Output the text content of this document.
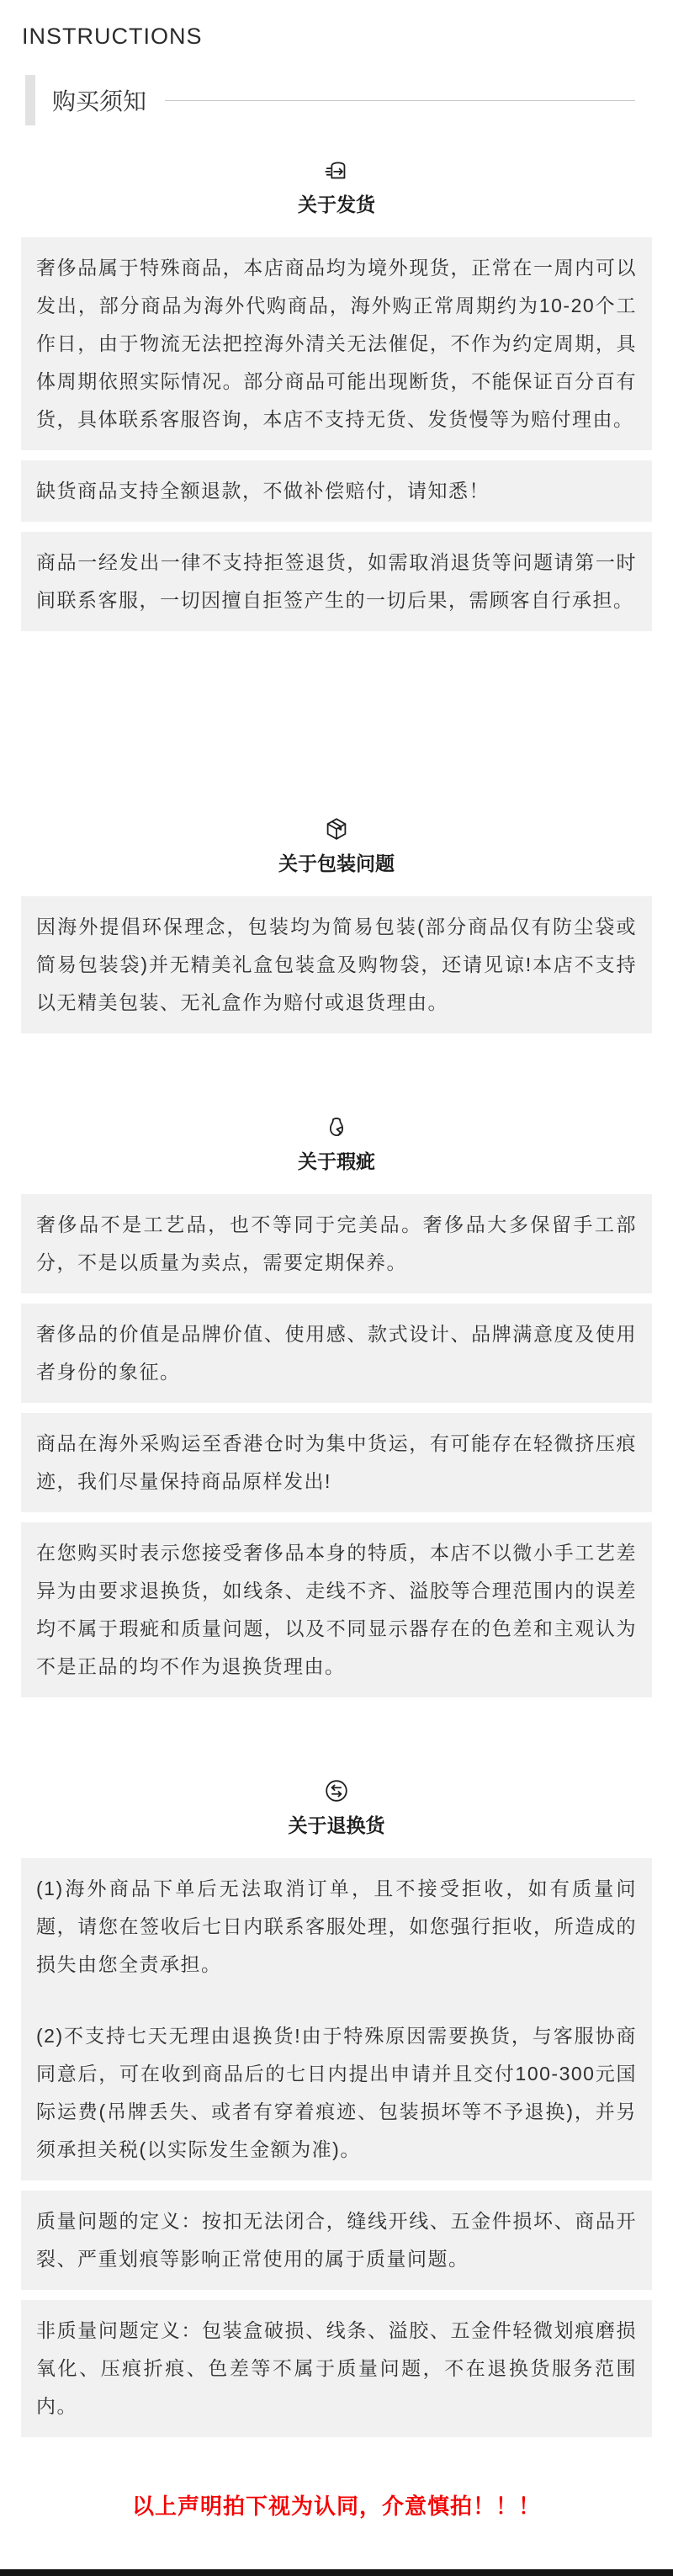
INSTRUCTIONS
购买须知
关于发货

奢侈品属于特殊商品，本店商品均为境外现货，正常在一周内可以发出，部分商品为海外代购商品，海外购正常周期约为10-20个工作日，由于物流无法把控海外清关无法催促，不作为约定周期，具体周期依照实际情况。部分商品可能出现断货，不能保证百分百有货，具体联系客服咨询，本店不支持无货、发货慢等为赔付理由。

缺货商品支持全额退款，不做补偿赔付，请知悉！

商品一经发出一律不支持拒签退货，如需取消退货等问题请第一时间联系客服，一切因擅自拒签产生的一切后果，需顾客自行承担。

关于包装问题

因海外提倡环保理念，包装均为简易包装(部分商品仅有防尘袋或简易包装袋)并无精美礼盒包装盒及购物袋，还请见谅!本店不支持以无精美包装、无礼盒作为赔付或退货理由。

关于瑕疵

奢侈品不是工艺品，也不等同于完美品。奢侈品大多保留手工部分，不是以质量为卖点，需要定期保养。

奢侈品的价值是品牌价值、使用感、款式设计、品牌满意度及使用者身份的象征。

商品在海外采购运至香港仓时为集中货运，有可能存在轻微挤压痕迹，我们尽量保持商品原样发出!

在您购买时表示您接受奢侈品本身的特质，本店不以微小手工艺差异为由要求退换货，如线条、走线不齐、溢胶等合理范围内的误差均不属于瑕疵和质量问题，以及不同显示器存在的色差和主观认为不是正品的均不作为退换货理由。

关于退换货

(1)海外商品下单后无法取消订单，且不接受拒收，如有质量问题，请您在签收后七日内联系客服处理，如您强行拒收，所造成的损失由您全责承担。

(2)不支持七天无理由退换货!由于特殊原因需要换货，与客服协商同意后，可在收到商品后的七日内提出申请并且交付100-300元国际运费(吊牌丢失、或者有穿着痕迹、包装损坏等不予退换)，并另须承担关税(以实际发生金额为准)。

质量问题的定义：按扣无法闭合，缝线开线、五金件损坏、商品开裂、严重划痕等影响正常使用的属于质量问题。

非质量问题定义：包装盒破损、线条、溢胶、五金件轻微划痕磨损氧化、压痕折痕、色差等不属于质量问题，不在退换货服务范围内。

以上声明拍下视为认同，介意慎拍！！！
